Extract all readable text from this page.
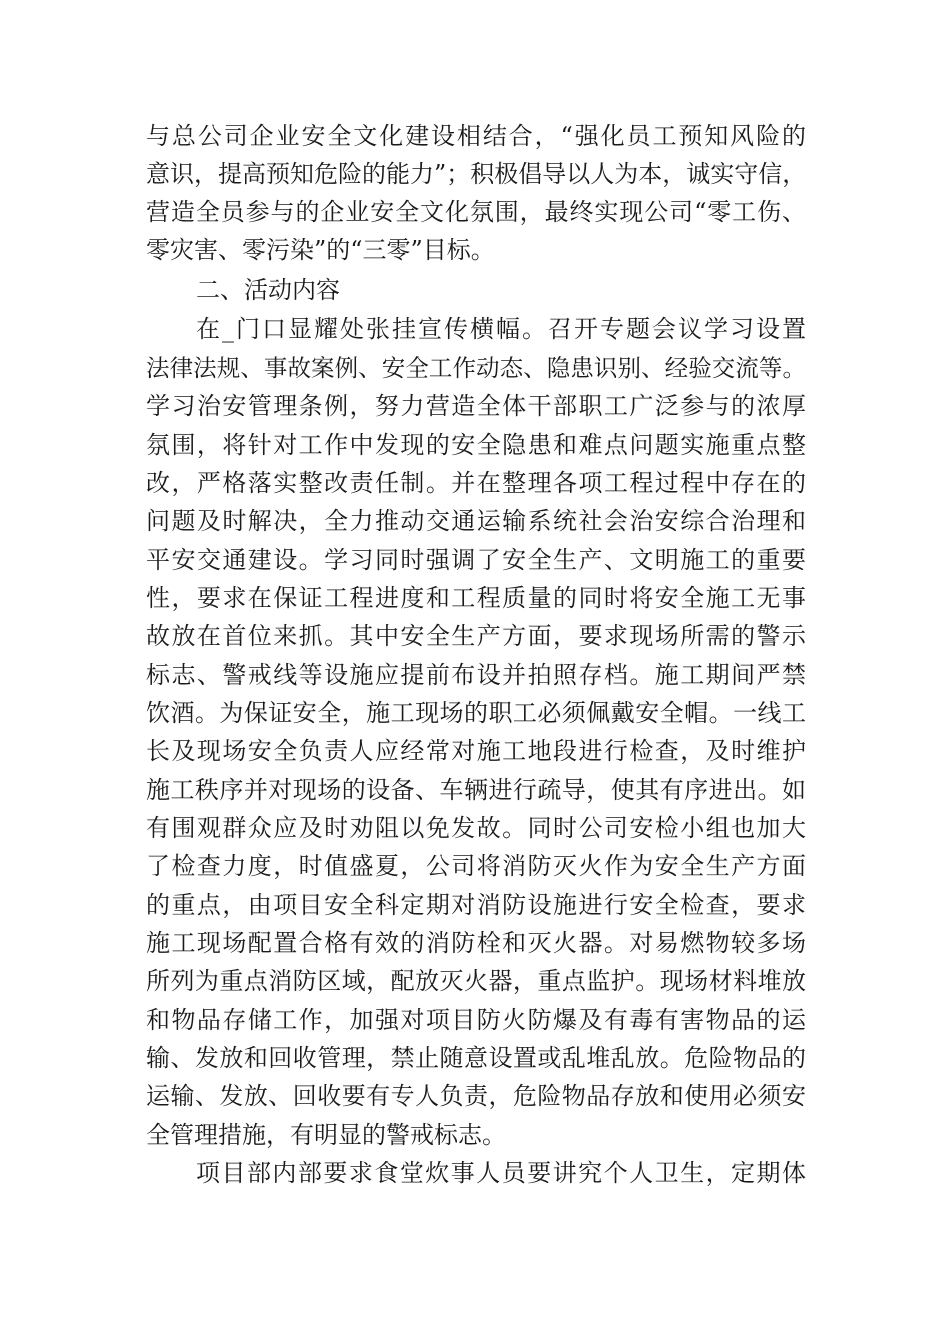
与总公司企业安全文化建设相结合，“强化员工预知风险的
意识，提高预知危险的能力”；积极倡导以人为本，诚实守信，
营造全员参与的企业安全文化氛围，最终实现公司“零工伤、
零灾害、零污染”的“三零”目标。
二、活动内容
在_门口显耀处张挂宣传横幅。召开专题会议学习设置
法律法规、事故案例、安全工作动态、隐患识别、经验交流等。
学习治安管理条例，努力营造全体干部职工广泛参与的浓厚
氛围，将针对工作中发现的安全隐患和难点问题实施重点整
改，严格落实整改责任制。并在整理各项工程过程中存在的
问题及时解决，全力推动交通运输系统社会治安综合治理和
平安交通建设。学习同时强调了安全生产、文明施工的重要
性，要求在保证工程进度和工程质量的同时将安全施工无事
故放在首位来抓。其中安全生产方面，要求现场所需的警示
标志、警戒线等设施应提前布设并拍照存档。施工期间严禁
饮酒。为保证安全，施工现场的职工必须佩戴安全帽。一线工
长及现场安全负责人应经常对施工地段进行检查，及时维护
施工秩序并对现场的设备、车辆进行疏导，使其有序进出。如
有围观群众应及时劝阻以免发故。同时公司安检小组也加大
了检查力度，时值盛夏，公司将消防灭火作为安全生产方面
的重点，由项目安全科定期对消防设施进行安全检查，要求
施工现场配置合格有效的消防栓和灭火器。对易燃物较多场
所列为重点消防区域，配放灭火器，重点监护。现场材料堆放
和物品存储工作，加强对项目防火防爆及有毒有害物品的运
输、发放和回收管理，禁止随意设置或乱堆乱放。危险物品的
运输、发放、回收要有专人负责，危险物品存放和使用必须安
全管理措施，有明显的警戒标志。
项目部内部要求食堂炊事人员要讲究个人卫生，定期体
